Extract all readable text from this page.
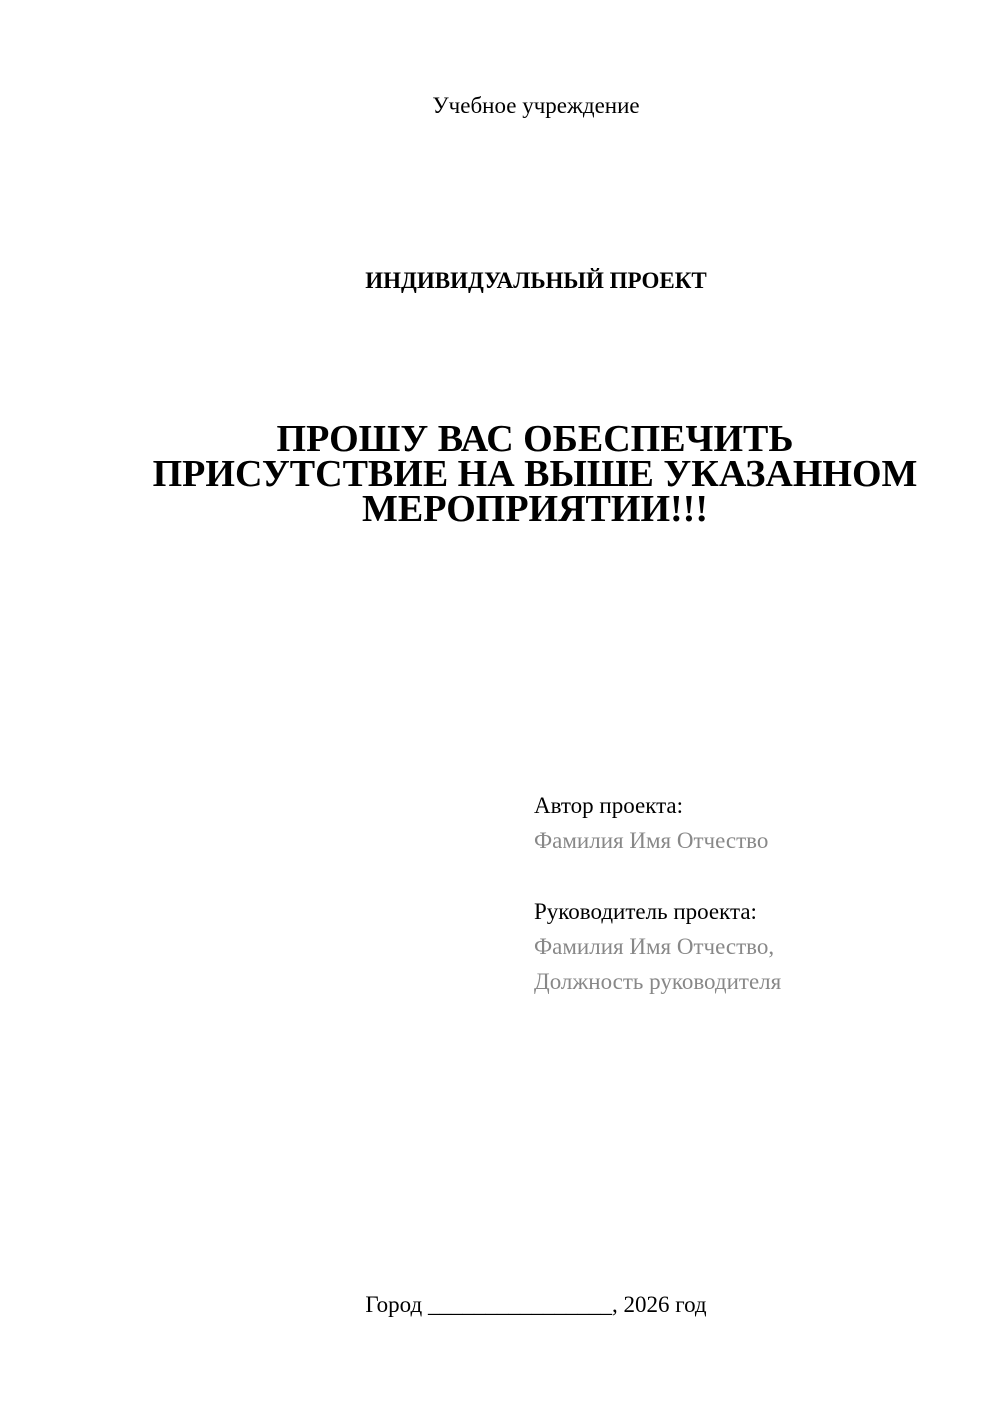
Учебное учреждение
ИНДИВИДУАЛЬНЫЙ ПРОЕКТ
ПРОШУ ВАС ОБЕСПЕЧИТЬ
ПРИСУТСТВИЕ НА ВЫШЕ УКАЗАННОМ
МЕРОПРИЯТИИ!!!
Автор проекта:
Фамилия Имя Отчество
Руководитель проекта:
Фамилия Имя Отчество,
Должность руководителя
Город ________________, 2026 год
